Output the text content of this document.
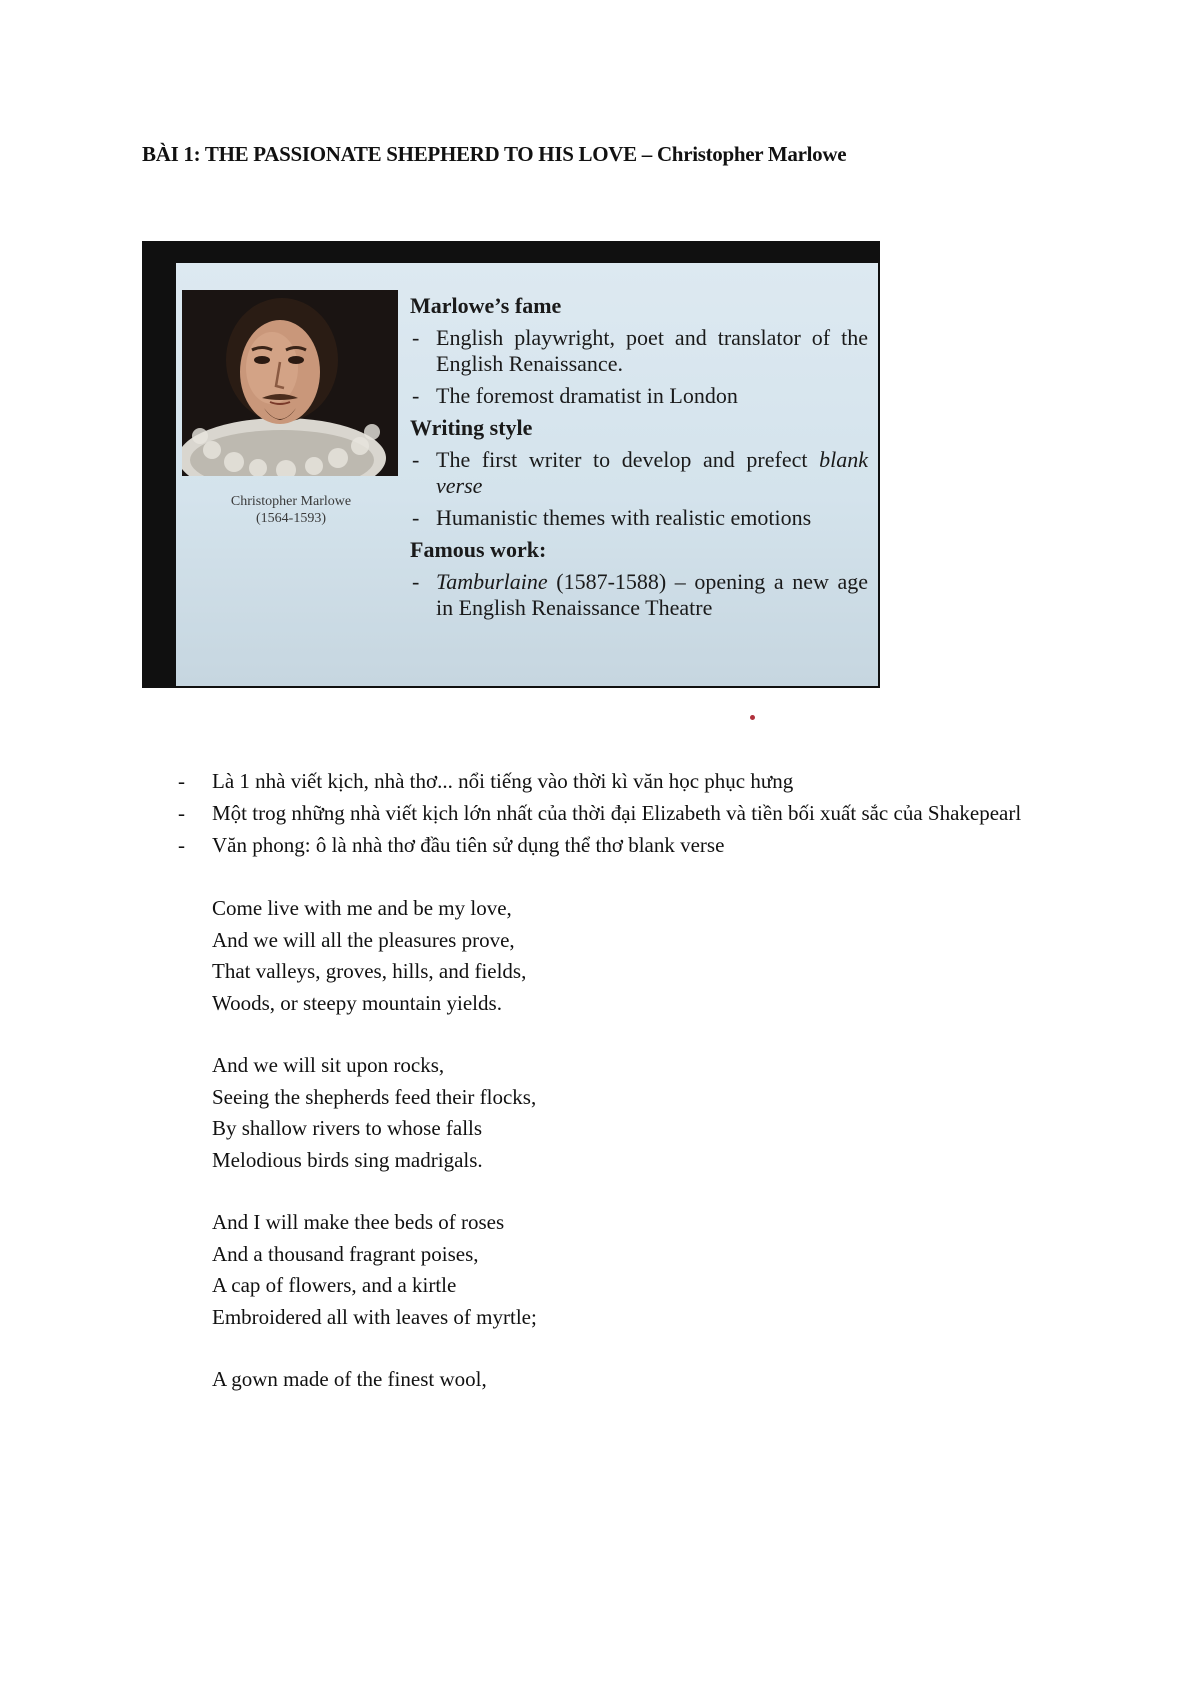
BÀI 1: THE PASSIONATE SHEPHERD TO HIS LOVE – Christopher Marlowe
Christopher Marlowe
(1564-1593)
Marlowe’s fame
- English playwright, poet and translator of the English Renaissance.
- The foremost dramatist in London
Writing style
- The first writer to develop and prefect blank verse
- Humanistic themes with realistic emotions
Famous work:
- Tamburlaine (1587-1588) – opening a new age in English Renaissance Theatre
- Là 1 nhà viết kịch, nhà thơ... nổi tiếng vào thời kì văn học phục hưng
- Một trog những nhà viết kịch lớn nhất của thời đại Elizabeth và tiền bối xuất sắc của Shakepearl
- Văn phong: ô là nhà thơ đầu tiên sử dụng thể thơ blank verse
Come live with me and be my love,
And we will all the pleasures prove,
That valleys, groves, hills, and fields,
Woods, or steepy mountain yields.
And we will sit upon rocks,
Seeing the shepherds feed their flocks,
By shallow rivers to whose falls
Melodious birds sing madrigals.
And I will make thee beds of roses
And a thousand fragrant poises,
A cap of flowers, and a kirtle
Embroidered all with leaves of myrtle;
A gown made of the finest wool,
